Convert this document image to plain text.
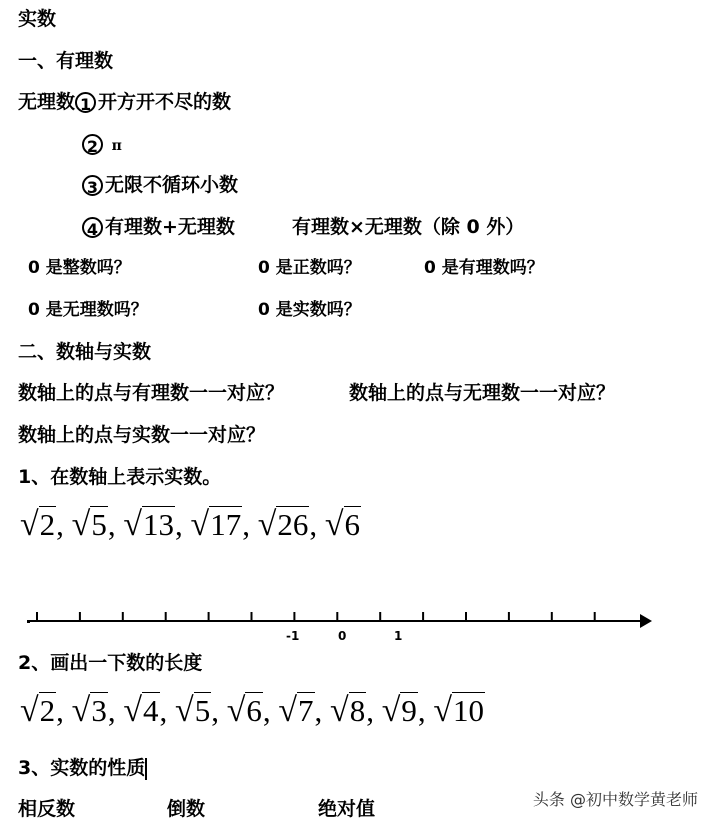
实数
一、有理数
无理数 1 开方开不尽的数
2 π
3 无限不循环小数
4 有理数+无理数	有理数×无理数（除 0 外）
0 是整数吗？	0 是正数吗？	0 是有理数吗？
0 是无理数吗？	0 是实数吗？
二、数轴与实数
数轴上的点与有理数一一对应？	数轴上的点与无理数一一对应？
数轴上的点与实数一一对应？
1、在数轴上表示实数。
√2, √5, √13, √17, √26, √6
-1	0	1
2、画出一下数的长度
√2, √3, √4, √5, √6, √7, √8, √9, √10
3、实数的性质
相反数	倒数	绝对值	头条 @初中数学黄老师
